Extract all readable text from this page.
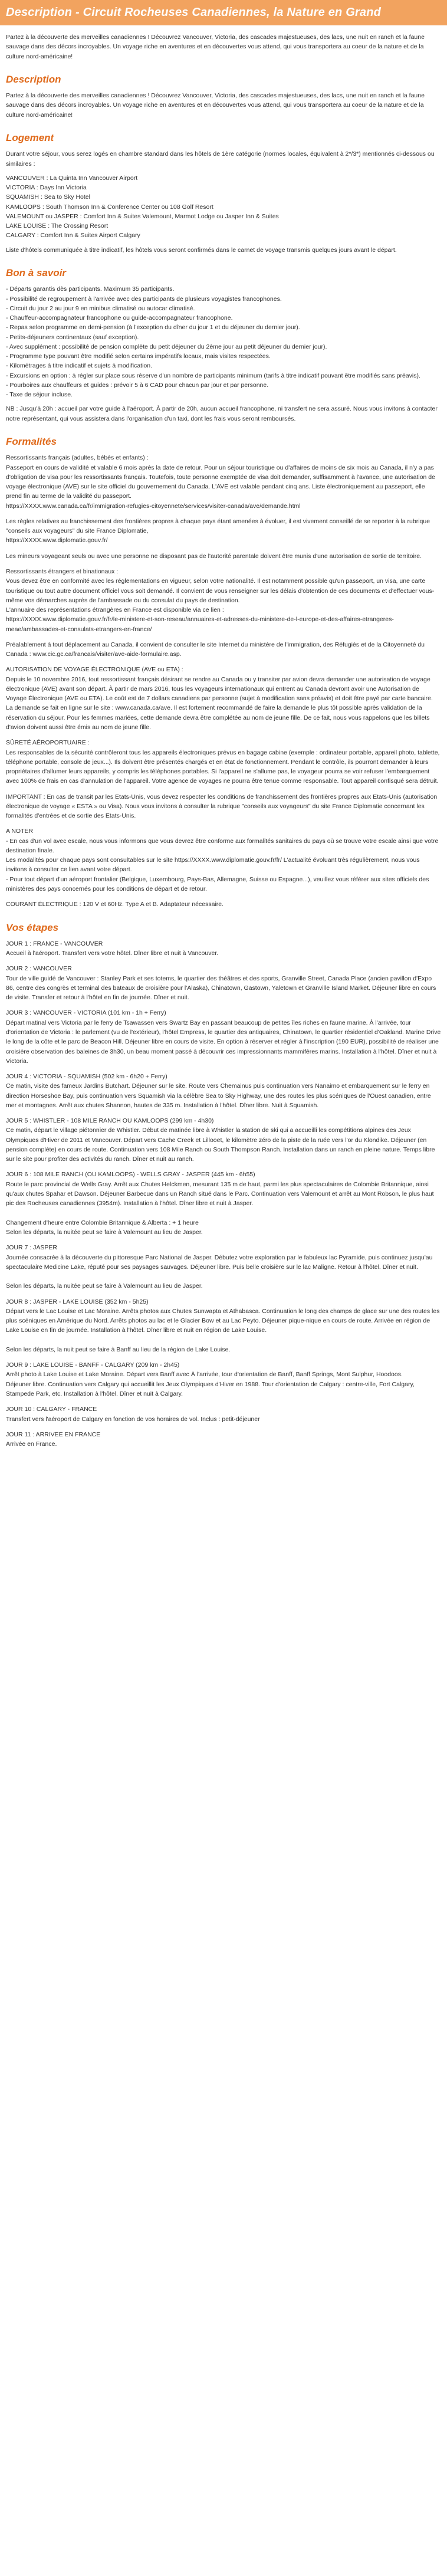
Description - Circuit Rocheuses Canadiennes, la Nature en Grand

Partez à la découverte des merveilles canadiennes ! Découvrez Vancouver, Victoria, des cascades majestueuses, des lacs, une nuit en ranch et la faune sauvage dans des décors incroyables. Un voyage riche en aventures et en découvertes vous attend, qui vous transportera au coeur de la nature et de la culture nord-américaine!

Description

Partez à la découverte des merveilles canadiennes ! Découvrez Vancouver, Victoria, des cascades majestueuses, des lacs, une nuit en ranch et la faune sauvage dans des décors incroyables. Un voyage riche en aventures et en découvertes vous attend, qui vous transportera au coeur de la nature et de la culture nord-américaine!

Logement

Durant votre séjour, vous serez logés en chambre standard dans les hôtels de 1ère catégorie (normes locales, équivalent à 2*/3*) mentionnés ci-dessous ou similaires :

VANCOUVER : La Quinta Inn Vancouver Airport
VICTORIA : Days Inn Victoria
SQUAMISH : Sea to Sky Hotel
KAMLOOPS : South Thomson Inn & Conference Center ou 108 Golf Resort
VALEMOUNT ou JASPER : Comfort Inn & Suites Valemount, Marmot Lodge ou Jasper Inn & Suites
LAKE LOUISE : The Crossing Resort
CALGARY : Comfort Inn & Suites Airport Calgary

Liste d'hôtels communiquée à titre indicatif, les hôtels vous seront confirmés dans le carnet de voyage transmis quelques jours avant le départ.

Bon à savoir

- Départs garantis dès participants. Maximum 35 participants.
- Possibilité de regroupement à l'arrivée avec des participants de plusieurs voyagistes francophones.
- Circuit du jour 2 au jour 9 en minibus climatisé ou autocar climatisé.
- Chauffeur-accompagnateur francophone ou guide-accompagnateur francophone.
- Repas selon programme en demi-pension (à l'exception du dîner du jour 1 et du déjeuner du dernier jour).
- Petits-déjeuners continentaux (sauf exception).
- Avec supplément : possibilité de pension complète du petit déjeuner du 2ème jour au petit déjeuner du dernier jour).
- Programme type pouvant être modifié selon certains impératifs locaux, mais visites respectées.
- Kilométrages à titre indicatif et sujets à modification.
- Excursions en option : à régler sur place sous réserve d'un nombre de participants minimum (tarifs à titre indicatif pouvant être modifiés sans préavis).
- Pourboires aux chauffeurs et guides : prévoir 5 à 6 CAD pour chacun par jour et par personne.
- Taxe de séjour incluse.

NB : Jusqu'à 20h : accueil par votre guide à l'aéroport. À partir de 20h, aucun accueil francophone, ni transfert ne sera assuré. Nous vous invitons à contacter notre représentant, qui vous assistera dans l'organisation d'un taxi, dont les frais vous seront remboursés.

Formalités

Ressortissants français (adultes, bébés et enfants) :
Passeport en cours de validité et valable 6 mois après la date de retour. Pour un séjour touristique ou d'affaires de moins de six mois au Canada, il n'y a pas d'obligation de visa pour les ressortissants français. Toutefois, toute personne exemptée de visa doit demander, suffisamment à l'avance, une autorisation de voyage électronique (AVE) sur le site officiel du gouvernement du Canada. L'AVE est valable pendant cinq ans. Liste électroniquement au passeport, elle prend fin au terme de la validité du passeport.
https://XXXX.www.canada.ca/fr/immigration-refugies-citoyennete/services/visiter-canada/ave/demande.html

Les règles relatives au franchissement des frontières propres à chaque pays étant amenées à évoluer, il est vivement conseillé de se reporter à la rubrique "conseils aux voyageurs" du site France Diplomatie,
https://XXXX.www.diplomatie.gouv.fr/

Les mineurs voyageant seuls ou avec une personne ne disposant pas de l'autorité parentale doivent être munis d'une autorisation de sortie de territoire.

Ressortissants étrangers et binationaux :
Vous devez être en conformité avec les réglementations en vigueur, selon votre nationalité. Il est notamment possible qu'un passeport, un visa, une carte touristique ou tout autre document officiel vous soit demandé. Il convient de vous renseigner sur les délais d'obtention de ces documents et d'effectuer vous-même vos démarches auprès de l'ambassade ou du consulat du pays de destination.
L'annuaire des représentations étrangères en France est disponible via ce lien :
https://XXXX.www.diplomatie.gouv.fr/fr/le-ministere-et-son-reseau/annuaires-et-adresses-du-ministere-de-l-europe-et-des-affaires-etrangeres-meae/ambassades-et-consulats-etrangers-en-france/

Préalablement à tout déplacement au Canada, il convient de consulter le site Internet du ministère de l'immigration, des Réfugiés et de la Citoyenneté du Canada : www.cic.gc.ca/francais/visiter/ave-aide-formulaire.asp.

AUTORISATION DE VOYAGE ÉLECTRONIQUE (AVE ou ETA) :
Depuis le 10 novembre 2016, tout ressortissant français désirant se rendre au Canada ou y transiter par avion devra demander une autorisation de voyage électronique (AVE) avant son départ. À partir de mars 2016, tous les voyageurs internationaux qui entrent au Canada devront avoir une Autorisation de Voyage Électronique (AVE ou ETA). Le coût est de 7 dollars canadiens par personne (sujet à modification sans préavis) et doit être payé par carte bancaire. La demande se fait en ligne sur le site : www.canada.ca/ave. Il est fortement recommandé de faire la demande le plus tôt possible après validation de la réservation du séjour. Pour les femmes mariées, cette demande devra être complétée au nom de jeune fille. De ce fait, nous vous rappelons que les billets d'avion doivent aussi être émis au nom de jeune fille.

SÛRETÉ AÉROPORTUAIRE :
Les responsables de la sécurité contrôleront tous les appareils électroniques prévus en bagage cabine (exemple : ordinateur portable, appareil photo, tablette, téléphone portable, console de jeux...). Ils doivent être présentés chargés et en état de fonctionnement. Pendant le contrôle, ils pourront demander à leurs propriétaires d'allumer leurs appareils, y compris les téléphones portables. Si l'appareil ne s'allume pas, le voyageur pourra se voir refuser l'embarquement avec 100% de frais en cas d'annulation de l'appareil. Votre agence de voyages ne pourra être tenue comme responsable. Tout appareil confisqué sera détruit.

IMPORTANT : En cas de transit par les Etats-Unis, vous devez respecter les conditions de franchissement des frontières propres aux Etats-Unis (autorisation électronique de voyage « ESTA » ou Visa). Nous vous invitons à consulter la rubrique "conseils aux voyageurs" du site France Diplomatie concernant les formalités d'entrées et de sortie des Etats-Unis.

A NOTER
- En cas d'un vol avec escale, nous vous informons que vous devrez être conforme aux formalités sanitaires du pays où se trouve votre escale ainsi que votre destination finale.
Les modalités pour chaque pays sont consultables sur le site https://XXXX.www.diplomatie.gouv.fr/fr/ L'actualité évoluant très régulièrement, nous vous invitons à consulter ce lien avant votre départ.
- Pour tout départ d'un aéroport frontalier (Belgique, Luxembourg, Pays-Bas, Allemagne, Suisse ou Espagne...), veuillez vous référer aux sites officiels des ministères des pays concernés pour les conditions de départ et de retour.

COURANT ÉLECTRIQUE : 120 V et 60Hz. Type A et B. Adaptateur nécessaire.

Vos étapes

JOUR 1 : FRANCE - VANCOUVER

Accueil à l'aéroport. Transfert vers votre hôtel. Dîner libre et nuit à Vancouver.

JOUR 2 : VANCOUVER

Tour de ville guidé de Vancouver : Stanley Park et ses totems, le quartier des théâtres et des sports, Granville Street, Canada Place (ancien pavillon d'Expo 86, centre des congrès et terminal des bateaux de croisière pour l'Alaska), Chinatown, Gastown, Yaletown et Granville Island Market. Déjeuner libre en cours de visite. Transfer et retour à l'hôtel en fin de journée. Dîner et nuit.

JOUR 3 : VANCOUVER - VICTORIA (101 km - 1h + Ferry)

Départ matinal vers Victoria par le ferry de Tsawassen vers Swartz Bay en passant beaucoup de petites îles riches en faune marine. À l'arrivée, tour d'orientation de Victoria : le parlement (vu de l'extérieur), l'hôtel Empress, le quartier des antiquaires, Chinatown, le quartier résidentiel d'Oakland. Marine Drive le long de la côte et le parc de Beacon Hill. Déjeuner libre en cours de visite. En option à réserver et régler à l'inscription (190 EUR), possibilité de réaliser une croisière observation des baleines de 3h30, un beau moment passé à découvrir ces impressionnants mammifères marins. Installation à l'hôtel. Dîner et nuit à Victoria.

JOUR 4 : VICTORIA - SQUAMISH (502 km - 6h20 + Ferry)

Ce matin, visite des fameux Jardins Butchart. Déjeuner sur le site. Route vers Chemainus puis continuation vers Nanaimo et embarquement sur le ferry en direction Horseshoe Bay, puis continuation vers Squamish via la célèbre Sea to Sky Highway, une des routes les plus scéniques de l'Ouest canadien, entre mer et montagnes. Arrêt aux chutes Shannon, hautes de 335 m. Installation à l'hôtel. Dîner libre. Nuit à Squamish.

JOUR 5 : WHISTLER - 108 MILE RANCH OU KAMLOOPS (299 km - 4h30)

Ce matin, départ le village piétonnier de Whistler. Début de matinée libre à Whistler la station de ski qui a accueilli les compétitions alpines des Jeux Olympiques d'Hiver de 2011 et Vancouver. Départ vers Cache Creek et Lillooet, le kilomètre zéro de la piste de la ruée vers l'or du Klondike. Déjeuner (en pension complète) en cours de route. Continuation vers 108 Mile Ranch ou South Thompson Ranch. Installation dans un ranch en pleine nature. Temps libre sur le site pour profiter des activités du ranch. Dîner et nuit au ranch.

JOUR 6 : 108 MILE RANCH (OU KAMLOOPS) - WELLS GRAY - JASPER (445 km - 6h55)

Route le parc provincial de Wells Gray. Arrêt aux Chutes Helckmen, mesurant 135 m de haut, parmi les plus spectaculaires de Colombie Britannique, ainsi qu'aux chutes Spahar et Dawson. Déjeuner Barbecue dans un Ranch situé dans le Parc. Continuation vers Valemount et arrêt au Mont Robson, le plus haut pic des Rocheuses canadiennes (3954m). Installation à l'hôtel. Dîner libre et nuit à Jasper.

Changement d'heure entre Colombie Britannique & Alberta : + 1 heure
Selon les départs, la nuitée peut se faire à Valemount au lieu de Jasper.

JOUR 7 : JASPER

Journée consacrée à la découverte du pittoresque Parc National de Jasper. Débutez votre exploration par le fabuleux lac Pyramide, puis continuez jusqu'au spectaculaire Medicine Lake, réputé pour ses paysages sauvages. Déjeuner libre. Puis belle croisière sur le lac Maligne. Retour à l'hôtel. Dîner et nuit.

Selon les départs, la nuitée peut se faire à Valemount au lieu de Jasper.

JOUR 8 : JASPER - LAKE LOUISE (352 km - 5h25)

Départ vers le Lac Louise et Lac Moraine. Arrêts photos aux Chutes Sunwapta et Athabasca. Continuation le long des champs de glace sur une des routes les plus scéniques en Amérique du Nord. Arrêts photos au lac et le Glacier Bow et au Lac Peyto. Déjeuner pique-nique en cours de route. Arrivée en région de Lake Louise en fin de journée. Installation à l'hôtel. Dîner libre et nuit en région de Lake Louise.

Selon les départs, la nuit peut se faire à Banff au lieu de la région de Lake Louise.

JOUR 9 : LAKE LOUISE - BANFF - CALGARY (209 km - 2h45)

Arrêt photo à Lake Louise et Lake Moraine. Départ vers Banff avec À l'arrivée, tour d'orientation de Banff, Banff Springs, Mont Sulphur, Hoodoos.
Déjeuner libre. Continuation vers Calgary qui accueillit les Jeux Olympiques d'Hiver en 1988. Tour d'orientation de Calgary : centre-ville, Fort Calgary, Stampede Park, etc. Installation à l'hôtel. Dîner et nuit à Calgary.

JOUR 10 : CALGARY - FRANCE

Transfert vers l'aéroport de Calgary en fonction de vos horaires de vol. Inclus : petit-déjeuner

JOUR 11 : ARRIVEE EN FRANCE

Arrivée en France.
